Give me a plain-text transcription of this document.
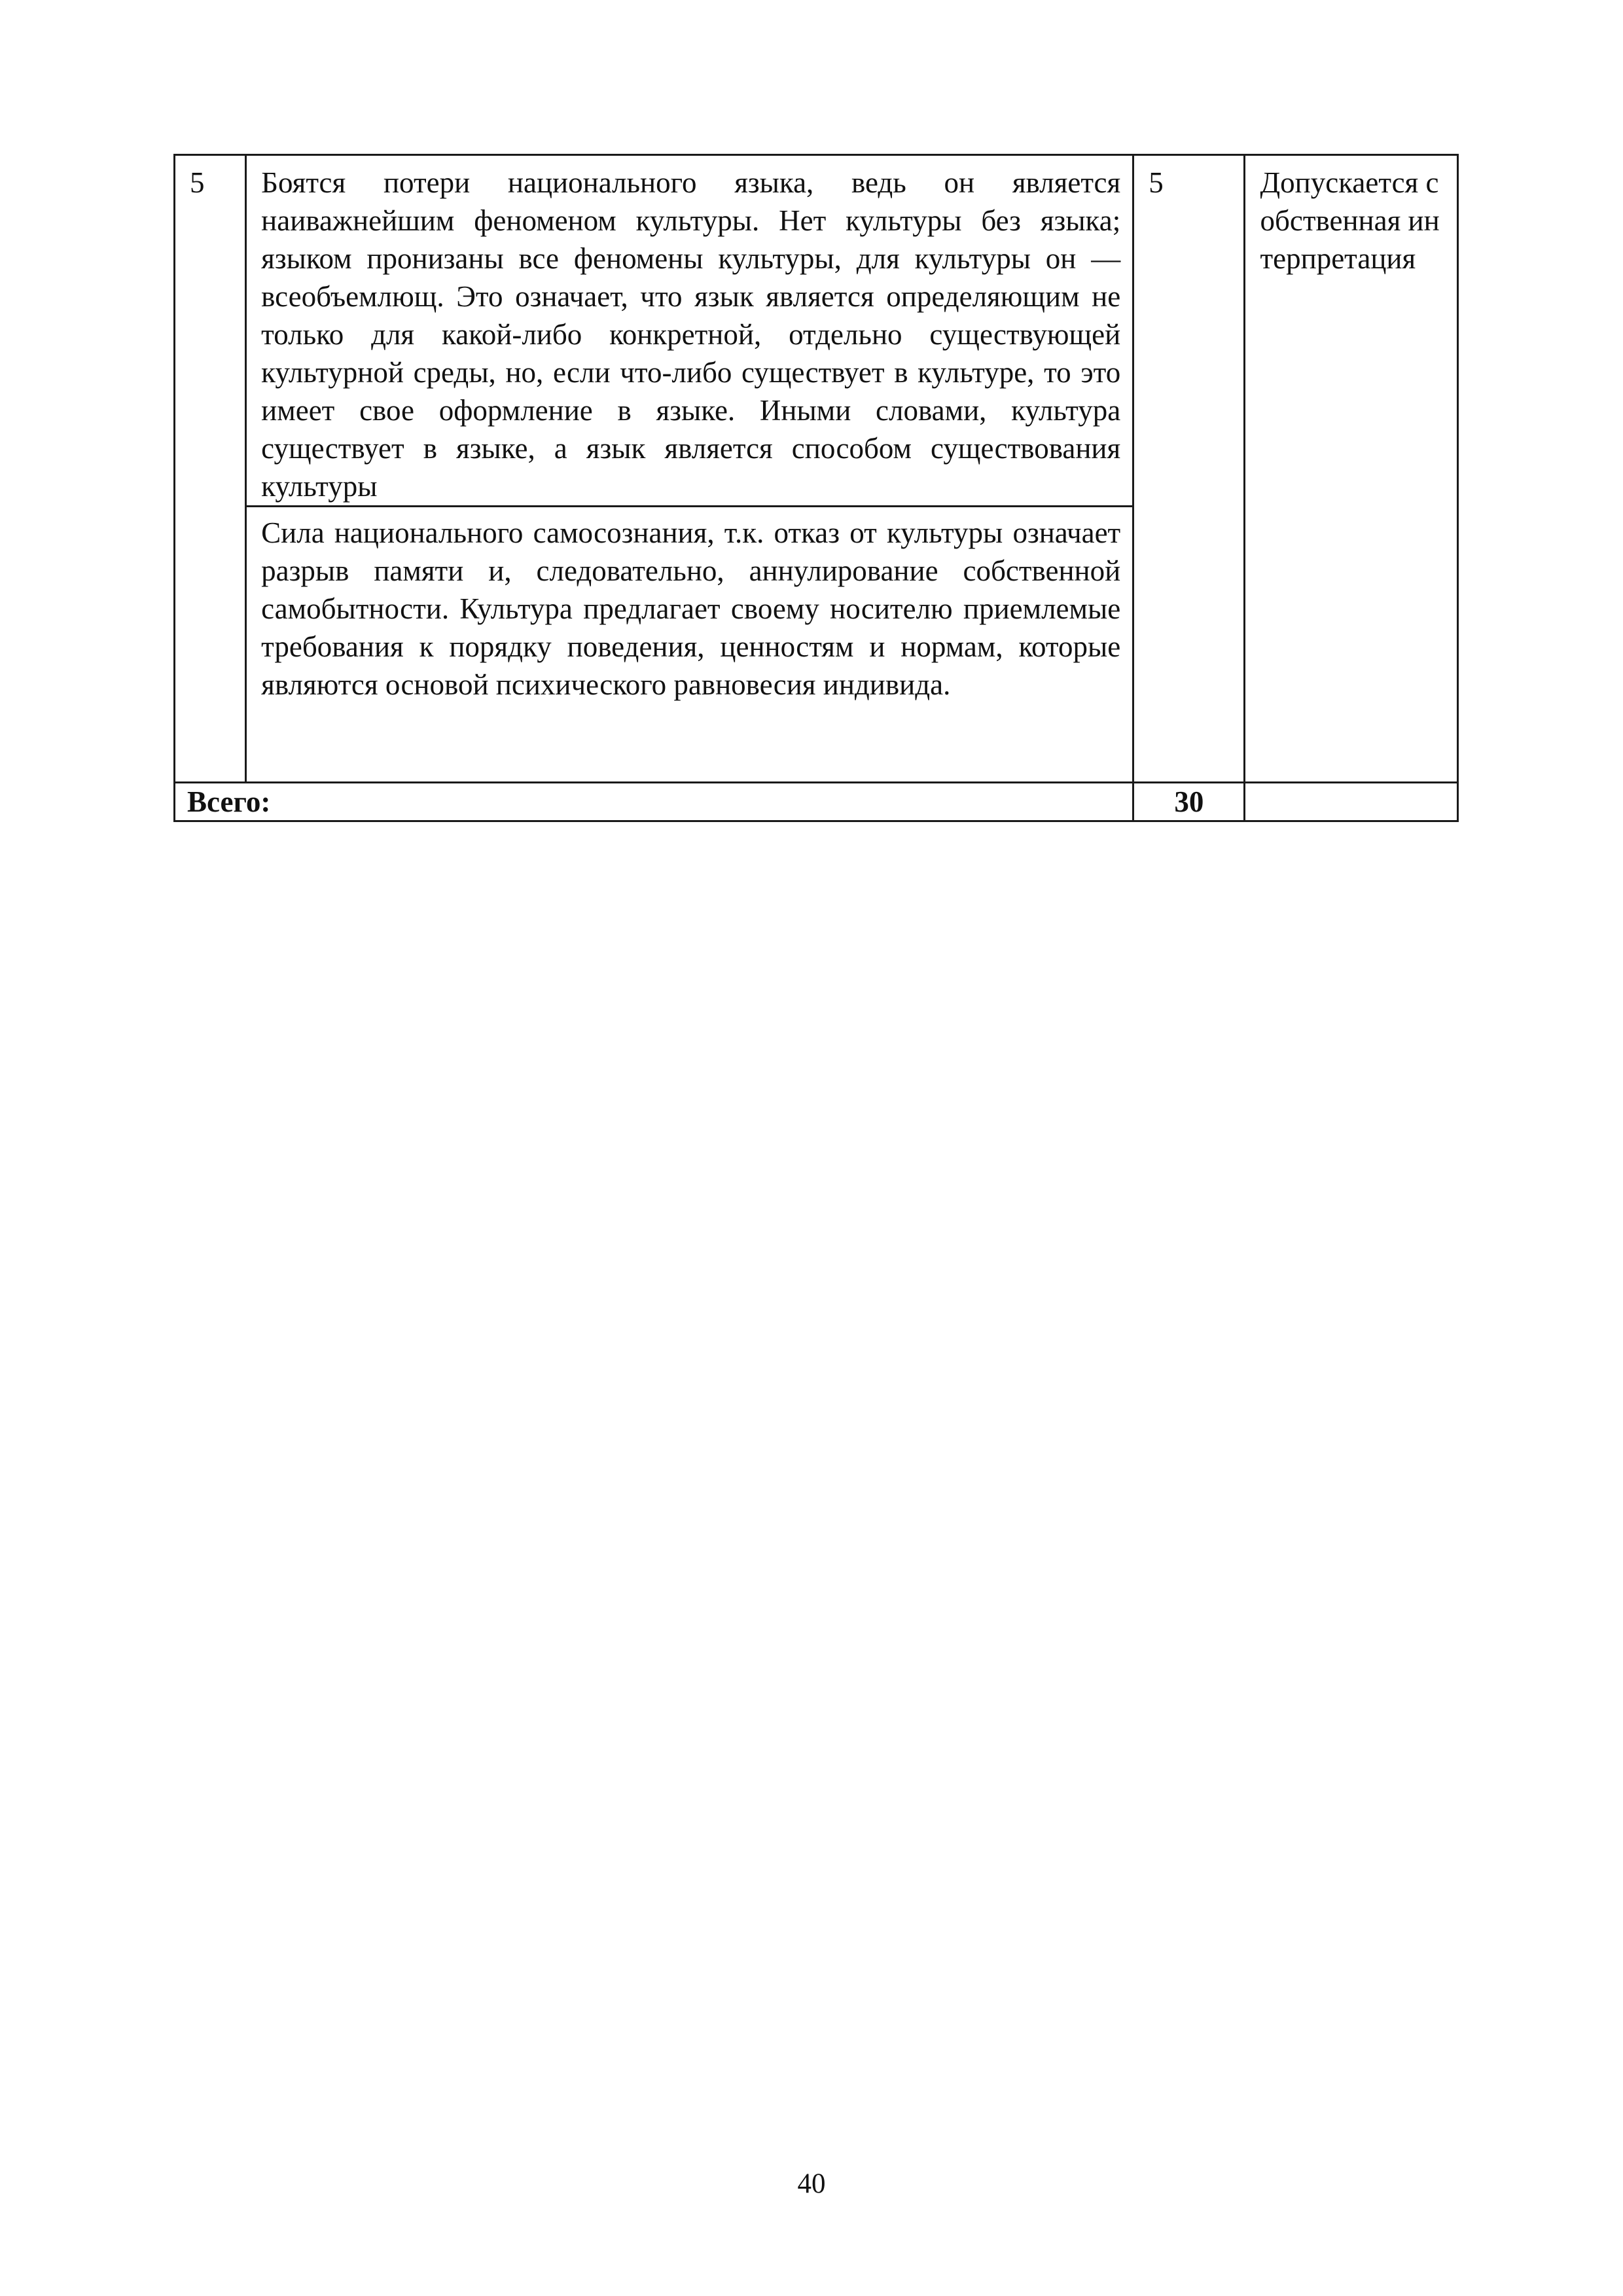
5	Боятся потери национального языка, ведь он является наиважнейшим феноменом культуры. Нет культуры без языка; языком пронизаны все феномены культуры, для культуры он — всеобъемлющ. Это означает, что язык является определяющим не только для какой-либо конкретной, отдельно существующей культурной среды, но, если что-либо существует в культуре, то это имеет свое оформление в языке. Иными словами, культура существует в языке, а язык является способом существования культуры
Сила национального самосознания, т.к. отказ от культуры означает разрыв памяти и, следовательно, аннулирование собственной самобытности. Культура предлагает своему носителю приемлемые требования к порядку поведения, ценностям и нормам, которые являются основой психического равновесия индивида.	5	Допускается собственная интерпретация
Всего:		30	
40
